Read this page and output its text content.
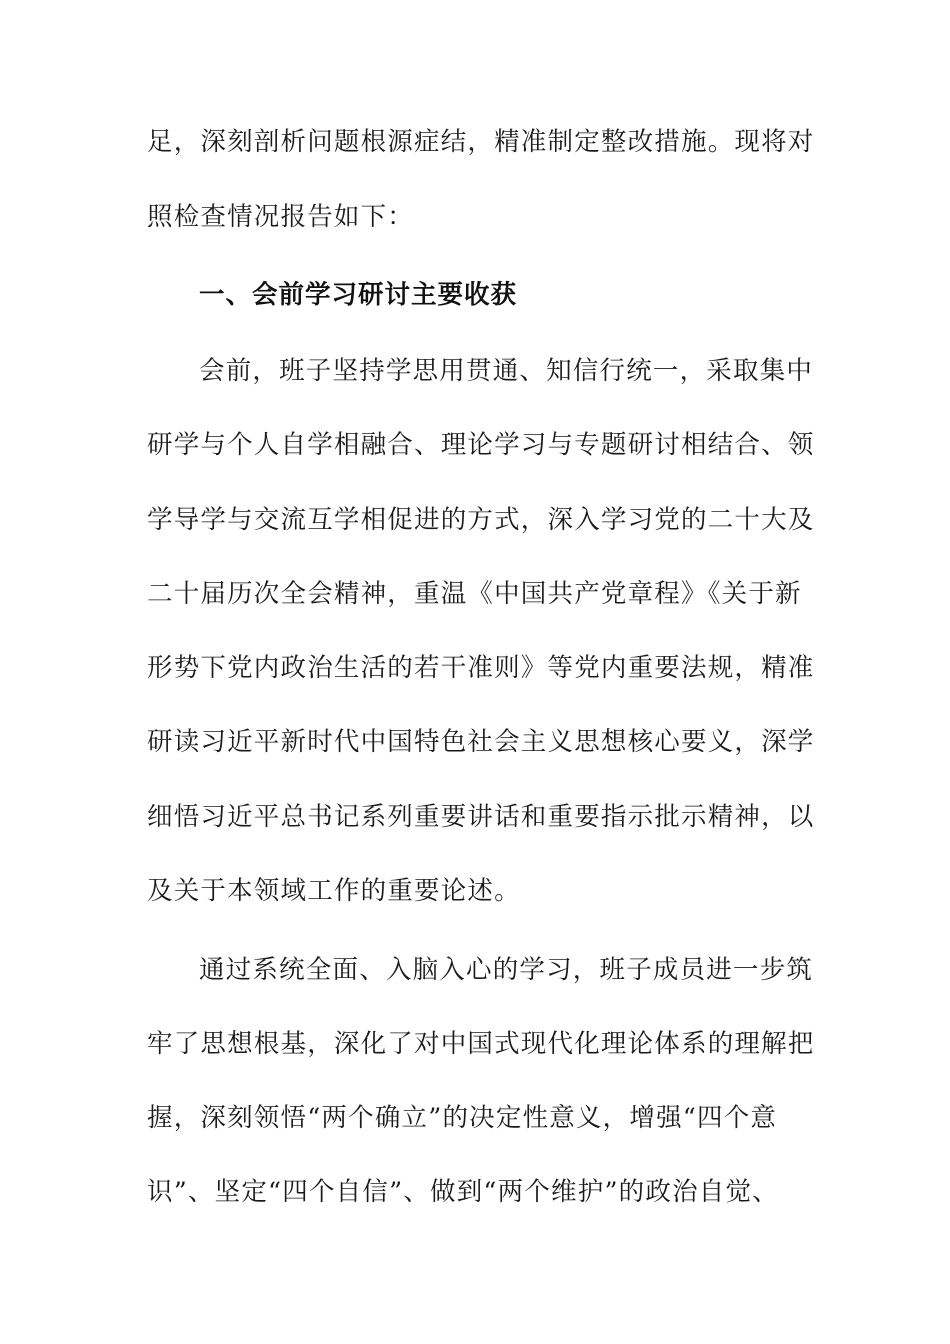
足，深刻剖析问题根源症结，精准制定整改措施。现将对
照检查情况报告如下：
一、会前学习研讨主要收获
会前，班子坚持学思用贯通、知信行统一，采取集中
研学与个人自学相融合、理论学习与专题研讨相结合、领
学导学与交流互学相促进的方式，深入学习党的二十大及
二十届历次全会精神，重温《中国共产党章程》《关于新
形势下党内政治生活的若干准则》等党内重要法规，精准
研读习近平新时代中国特色社会主义思想核心要义，深学
细悟习近平总书记系列重要讲话和重要指示批示精神，以
及关于本领域工作的重要论述。
通过系统全面、入脑入心的学习，班子成员进一步筑
牢了思想根基，深化了对中国式现代化理论体系的理解把
握，深刻领悟“两个确立”的决定性意义，增强“四个意
识”、坚定“四个自信”、做到“两个维护”的政治自觉、
